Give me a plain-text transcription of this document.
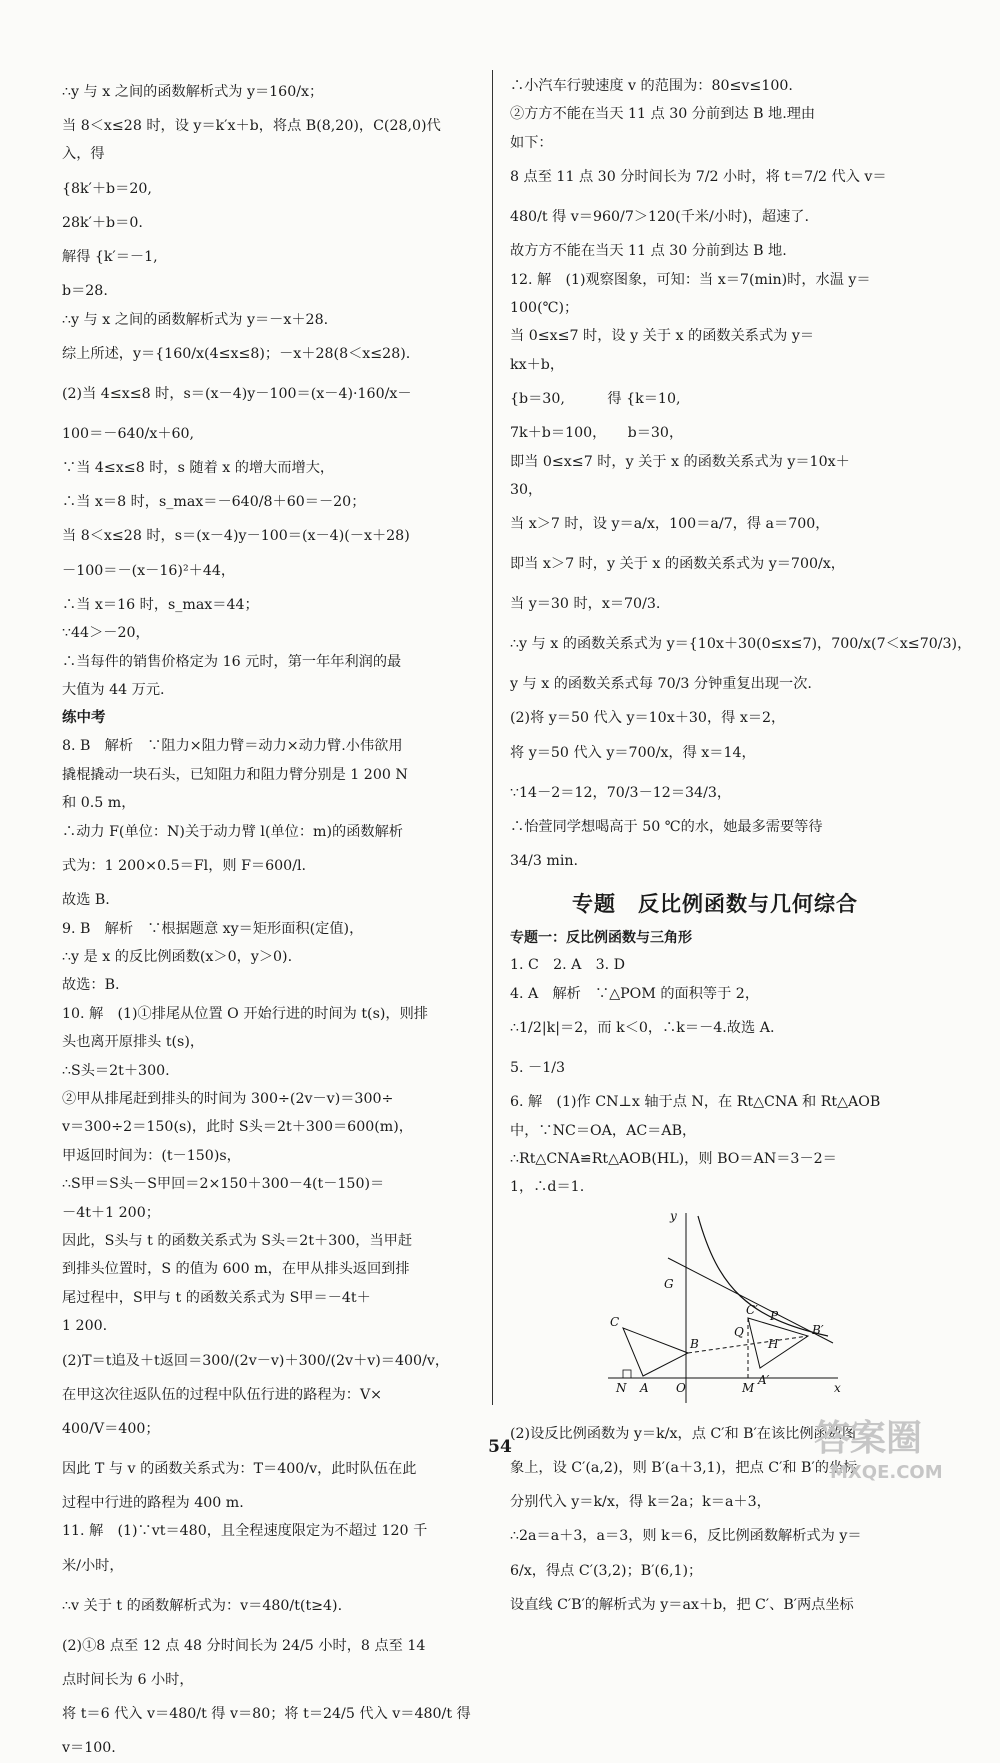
∴y 与 x 之间的函数解析式为 y＝160/x；
当 8＜x≤28 时，设 y＝k′x＋b，将点 B(8,20)，C(28,0)代
入，得
{8k′＋b＝20,
28k′＋b＝0.
解得 {k′＝－1,
b＝28.
∴y 与 x 之间的函数解析式为 y＝－x＋28.
综上所述，y＝{160/x(4≤x≤8)；－x＋28(8＜x≤28).
(2)当 4≤x≤8 时，s＝(x－4)y－100＝(x－4)·160/x－
100＝－640/x＋60,
∵当 4≤x≤8 时，s 随着 x 的增大而增大，
∴当 x＝8 时，s_max＝－640/8＋60＝－20；
当 8＜x≤28 时，s＝(x－4)y－100＝(x－4)(－x＋28)
－100＝－(x－16)²＋44，
∴当 x＝16 时，s_max＝44；
∵44＞－20，
∴当每件的销售价格定为 16 元时，第一年年利润的最
大值为 44 万元.
练中考
8. B　解析　∵阻力×阻力臂＝动力×动力臂.小伟欲用
撬棍撬动一块石头，已知阻力和阻力臂分别是 1 200 N
和 0.5 m，
∴动力 F(单位：N)关于动力臂 l(单位：m)的函数解析
式为：1 200×0.5＝Fl，则 F＝600/l.
故选 B.
9. B　解析　∵根据题意 xy＝矩形面积(定值)，
∴y 是 x 的反比例函数(x＞0，y＞0).
故选：B.
10. 解　(1)①排尾从位置 O 开始行进的时间为 t(s)，则排
头也离开原排头 t(s)，
∴S头＝2t＋300.
②甲从排尾赶到排头的时间为 300÷(2v－v)＝300÷
v＝300÷2＝150(s)，此时 S头＝2t＋300＝600(m)，
甲返回时间为：(t－150)s，
∴S甲＝S头－S甲回＝2×150＋300－4(t－150)＝
－4t＋1 200；
因此，S头与 t 的函数关系式为 S头＝2t＋300，当甲赶
到排头位置时，S 的值为 600 m，在甲从排头返回到排
尾过程中，S甲与 t 的函数关系式为 S甲＝－4t＋
1 200.
(2)T＝t追及＋t返回＝300/(2v－v)＋300/(2v＋v)＝400/v，
在甲这次往返队伍的过程中队伍行进的路程为：V×
400/V＝400；
因此 T 与 v 的函数关系式为：T＝400/v，此时队伍在此
过程中行进的路程为 400 m.
11. 解　(1)∵vt＝480，且全程速度限定为不超过 120 千
米/小时，
∴v 关于 t 的函数解析式为：v＝480/t(t≥4).
(2)①8 点至 12 点 48 分时间长为 24/5 小时，8 点至 14
点时间长为 6 小时，
将 t＝6 代入 v＝480/t 得 v＝80；将 t＝24/5 代入 v＝480/t 得
v＝100.
∴小汽车行驶速度 v 的范围为：80≤v≤100.
②方方不能在当天 11 点 30 分前到达 B 地.理由
如下：
8 点至 11 点 30 分时间长为 7/2 小时，将 t＝7/2 代入 v＝
480/t 得 v＝960/7＞120(千米/小时)，超速了.
故方方不能在当天 11 点 30 分前到达 B 地.
12. 解　(1)观察图象，可知：当 x＝7(min)时，水温 y＝
100(℃)；
当 0≤x≤7 时，设 y 关于 x 的函数关系式为 y＝
kx＋b，
{b＝30,　　　得 {k＝10,
7k＋b＝100，　　b＝30，
即当 0≤x≤7 时，y 关于 x 的函数关系式为 y＝10x＋
30，
当 x＞7 时，设 y＝a/x，100＝a/7，得 a＝700，
即当 x＞7 时，y 关于 x 的函数关系式为 y＝700/x，
当 y＝30 时，x＝70/3.
∴y 与 x 的函数关系式为 y＝{10x＋30(0≤x≤7)，700/x(7＜x≤70/3)，
y 与 x 的函数关系式每 70/3 分钟重复出现一次.
(2)将 y＝50 代入 y＝10x＋30，得 x＝2，
将 y＝50 代入 y＝700/x，得 x＝14，
∵14－2＝12，70/3－12＝34/3，
∴怡萱同学想喝高于 50 ℃的水，她最多需要等待
34/3 min.
专题　反比例函数与几何综合
专题一：反比例函数与三角形
1. C　2. A　3. D
4. A　解析　∵△POM 的面积等于 2，
∴1/2|k|＝2，而 k＜0，∴k＝－4.故选 A.
5. －1/3
6. 解　(1)作 CN⊥x 轴于点 N，在 Rt△CNA 和 Rt△AOB
中，∵NC＝OA，AC＝AB，
∴Rt△CNA≌Rt△AOB(HL)，则 BO＝AN＝3－2＝
1，∴d＝1.
y
G
C
C′ P
Q
B
B′
H
N A O	M
A′
x
(2)设反比例函数为 y＝k/x，点 C′和 B′在该比例函数图
象上，设 C′(a,2)，则 B′(a＋3,1)，把点 C′和 B′的坐标
分别代入 y＝k/x，得 k＝2a；k＝a＋3，
∴2a＝a＋3，a＝3，则 k＝6，反比例函数解析式为 y＝
6/x，得点 C′(3,2)；B′(6,1)；
设直线 C′B′的解析式为 y＝ax＋b，把 C′、B′两点坐标
54	答案圈
MXQE.COM
